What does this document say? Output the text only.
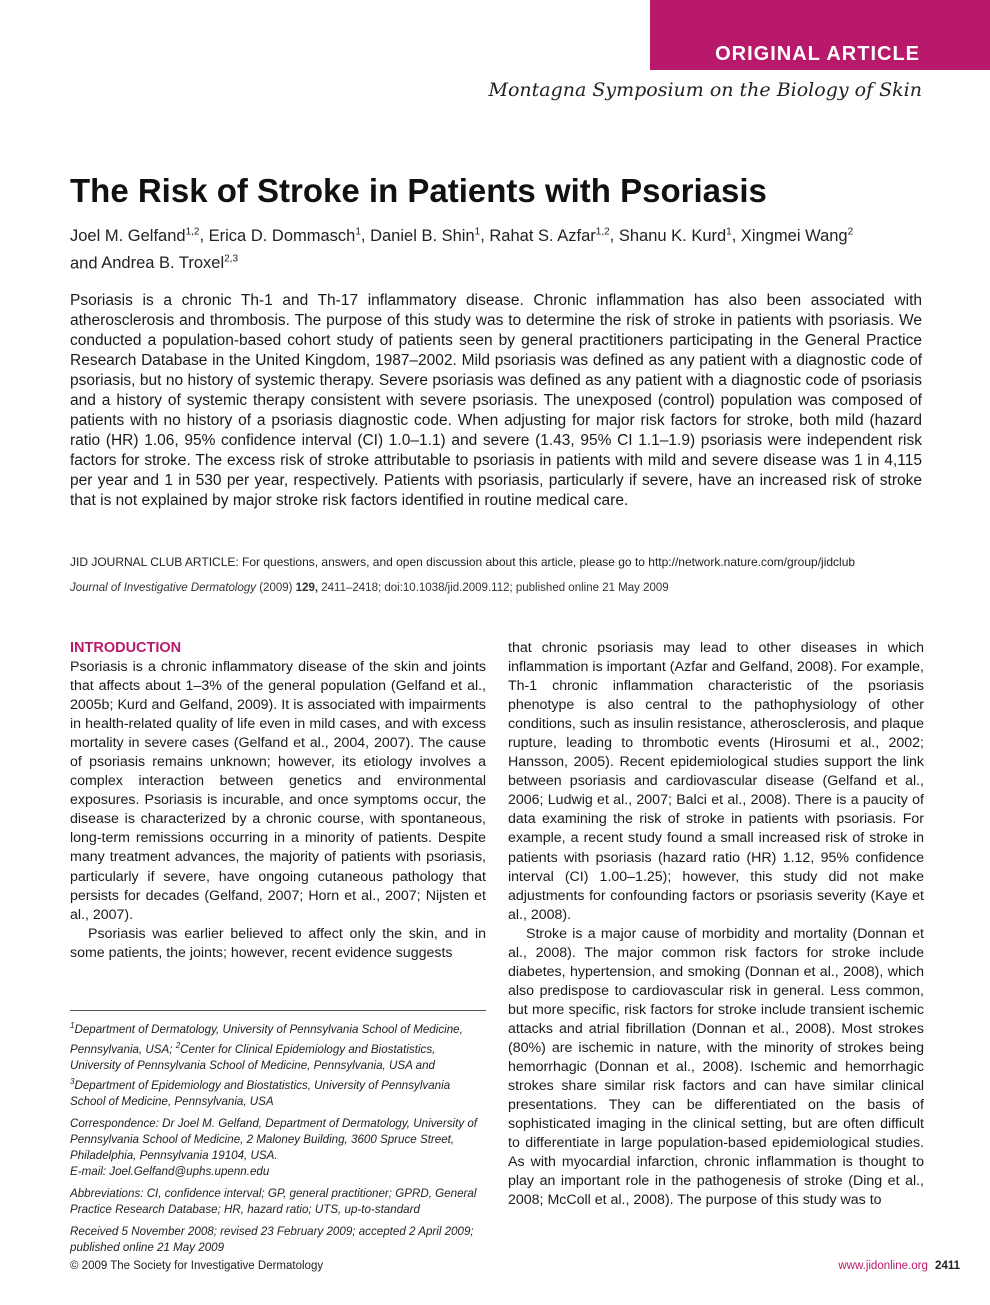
ORIGINAL ARTICLE
Montagna Symposium on the Biology of Skin
The Risk of Stroke in Patients with Psoriasis
Joel M. Gelfand$^{1,2}$, Erica D. Dommasch$^1$, Daniel B. Shin$^1$, Rahat S. Azfar$^{1,2}$, Shanu K. Kurd$^1$, Xingmei Wang$^2$
and Andrea B. Troxel$^{2,3}$
Psoriasis is a chronic Th-1 and Th-17 inflammatory disease. Chronic inflammation has also been associated with atherosclerosis and thrombosis. The purpose of this study was to determine the risk of stroke in patients with psoriasis. We conducted a population-based cohort study of patients seen by general practitioners participating in the General Practice Research Database in the United Kingdom, 1987–2002. Mild psoriasis was defined as any patient with a diagnostic code of psoriasis, but no history of systemic therapy. Severe psoriasis was defined as any patient with a diagnostic code of psoriasis and a history of systemic therapy consistent with severe psoriasis. The unexposed (control) population was composed of patients with no history of a psoriasis diagnostic code. When adjusting for major risk factors for stroke, both mild (hazard ratio (HR) 1.06, 95% confidence interval (CI) 1.0–1.1) and severe (1.43, 95% CI 1.1–1.9) psoriasis were independent risk factors for stroke. The excess risk of stroke attributable to psoriasis in patients with mild and severe disease was 1 in 4,115 per year and 1 in 530 per year, respectively. Patients with psoriasis, particularly if severe, have an increased risk of stroke that is not explained by major stroke risk factors identified in routine medical care.
JID JOURNAL CLUB ARTICLE: For questions, answers, and open discussion about this article, please go to http://network.nature.com/group/jidclub
Journal of Investigative Dermatology (2009) 129, 2411–2418; doi:10.1038/jid.2009.112; published online 21 May 2009
INTRODUCTION

Psoriasis is a chronic inflammatory disease of the skin and joints that affects about 1–3% of the general population (Gelfand et al., 2005b; Kurd and Gelfand, 2009). It is associated with impairments in health-related quality of life even in mild cases, and with excess mortality in severe cases (Gelfand et al., 2004, 2007). The cause of psoriasis remains unknown; however, its etiology involves a complex interaction between genetics and environmental exposures. Psoriasis is incurable, and once symptoms occur, the disease is characterized by a chronic course, with spontaneous, long-term remissions occurring in a minority of patients. Despite many treatment advances, the majority of patients with psoriasis, particularly if severe, have ongoing cutaneous pathology that persists for decades (Gelfand, 2007; Horn et al., 2007; Nijsten et al., 2007).

Psoriasis was earlier believed to affect only the skin, and in some patients, the joints; however, recent evidence suggests

$^1$Department of Dermatology, University of Pennsylvania School of Medicine, Pennsylvania, USA; $^2$Center for Clinical Epidemiology and Biostatistics, University of Pennsylvania School of Medicine, Pennsylvania, USA and $^3$Department of Epidemiology and Biostatistics, University of Pennsylvania School of Medicine, Pennsylvania, USA

Correspondence: Dr Joel M. Gelfand, Department of Dermatology, University of Pennsylvania School of Medicine, 2 Maloney Building, 3600 Spruce Street, Philadelphia, Pennsylvania 19104, USA.
E-mail: Joel.Gelfand@uphs.upenn.edu

Abbreviations: CI, confidence interval; GP, general practitioner; GPRD, General Practice Research Database; HR, hazard ratio; UTS, up-to-standard

Received 5 November 2008; revised 23 February 2009; accepted 2 April 2009; published online 21 May 2009

that chronic psoriasis may lead to other diseases in which inflammation is important (Azfar and Gelfand, 2008). For example, Th-1 chronic inflammation characteristic of the psoriasis phenotype is also central to the pathophysiology of other conditions, such as insulin resistance, atherosclerosis, and plaque rupture, leading to thrombotic events (Hirosumi et al., 2002; Hansson, 2005). Recent epidemiological studies support the link between psoriasis and cardiovascular disease (Gelfand et al., 2006; Ludwig et al., 2007; Balci et al., 2008). There is a paucity of data examining the risk of stroke in patients with psoriasis. For example, a recent study found a small increased risk of stroke in patients with psoriasis (hazard ratio (HR) 1.12, 95% confidence interval (CI) 1.00–1.25); however, this study did not make adjustments for confounding factors or psoriasis severity (Kaye et al., 2008).

Stroke is a major cause of morbidity and mortality (Donnan et al., 2008). The major common risk factors for stroke include diabetes, hypertension, and smoking (Donnan et al., 2008), which also predispose to cardiovascular risk in general. Less common, but more specific, risk factors for stroke include transient ischemic attacks and atrial fibrillation (Donnan et al., 2008). Most strokes (80%) are ischemic in nature, with the minority of strokes being hemorrhagic (Donnan et al., 2008). Ischemic and hemorrhagic strokes share similar risk factors and can have similar clinical presentations. They can be differentiated on the basis of sophisticated imaging in the clinical setting, but are often difficult to differentiate in large population-based epidemiological studies. As with myocardial infarction, chronic inflammation is thought to play an important role in the pathogenesis of stroke (Ding et al., 2008; McColl et al., 2008). The purpose of this study was to

© 2009 The Society for Investigative Dermatology	www.jidonline.org 2411
